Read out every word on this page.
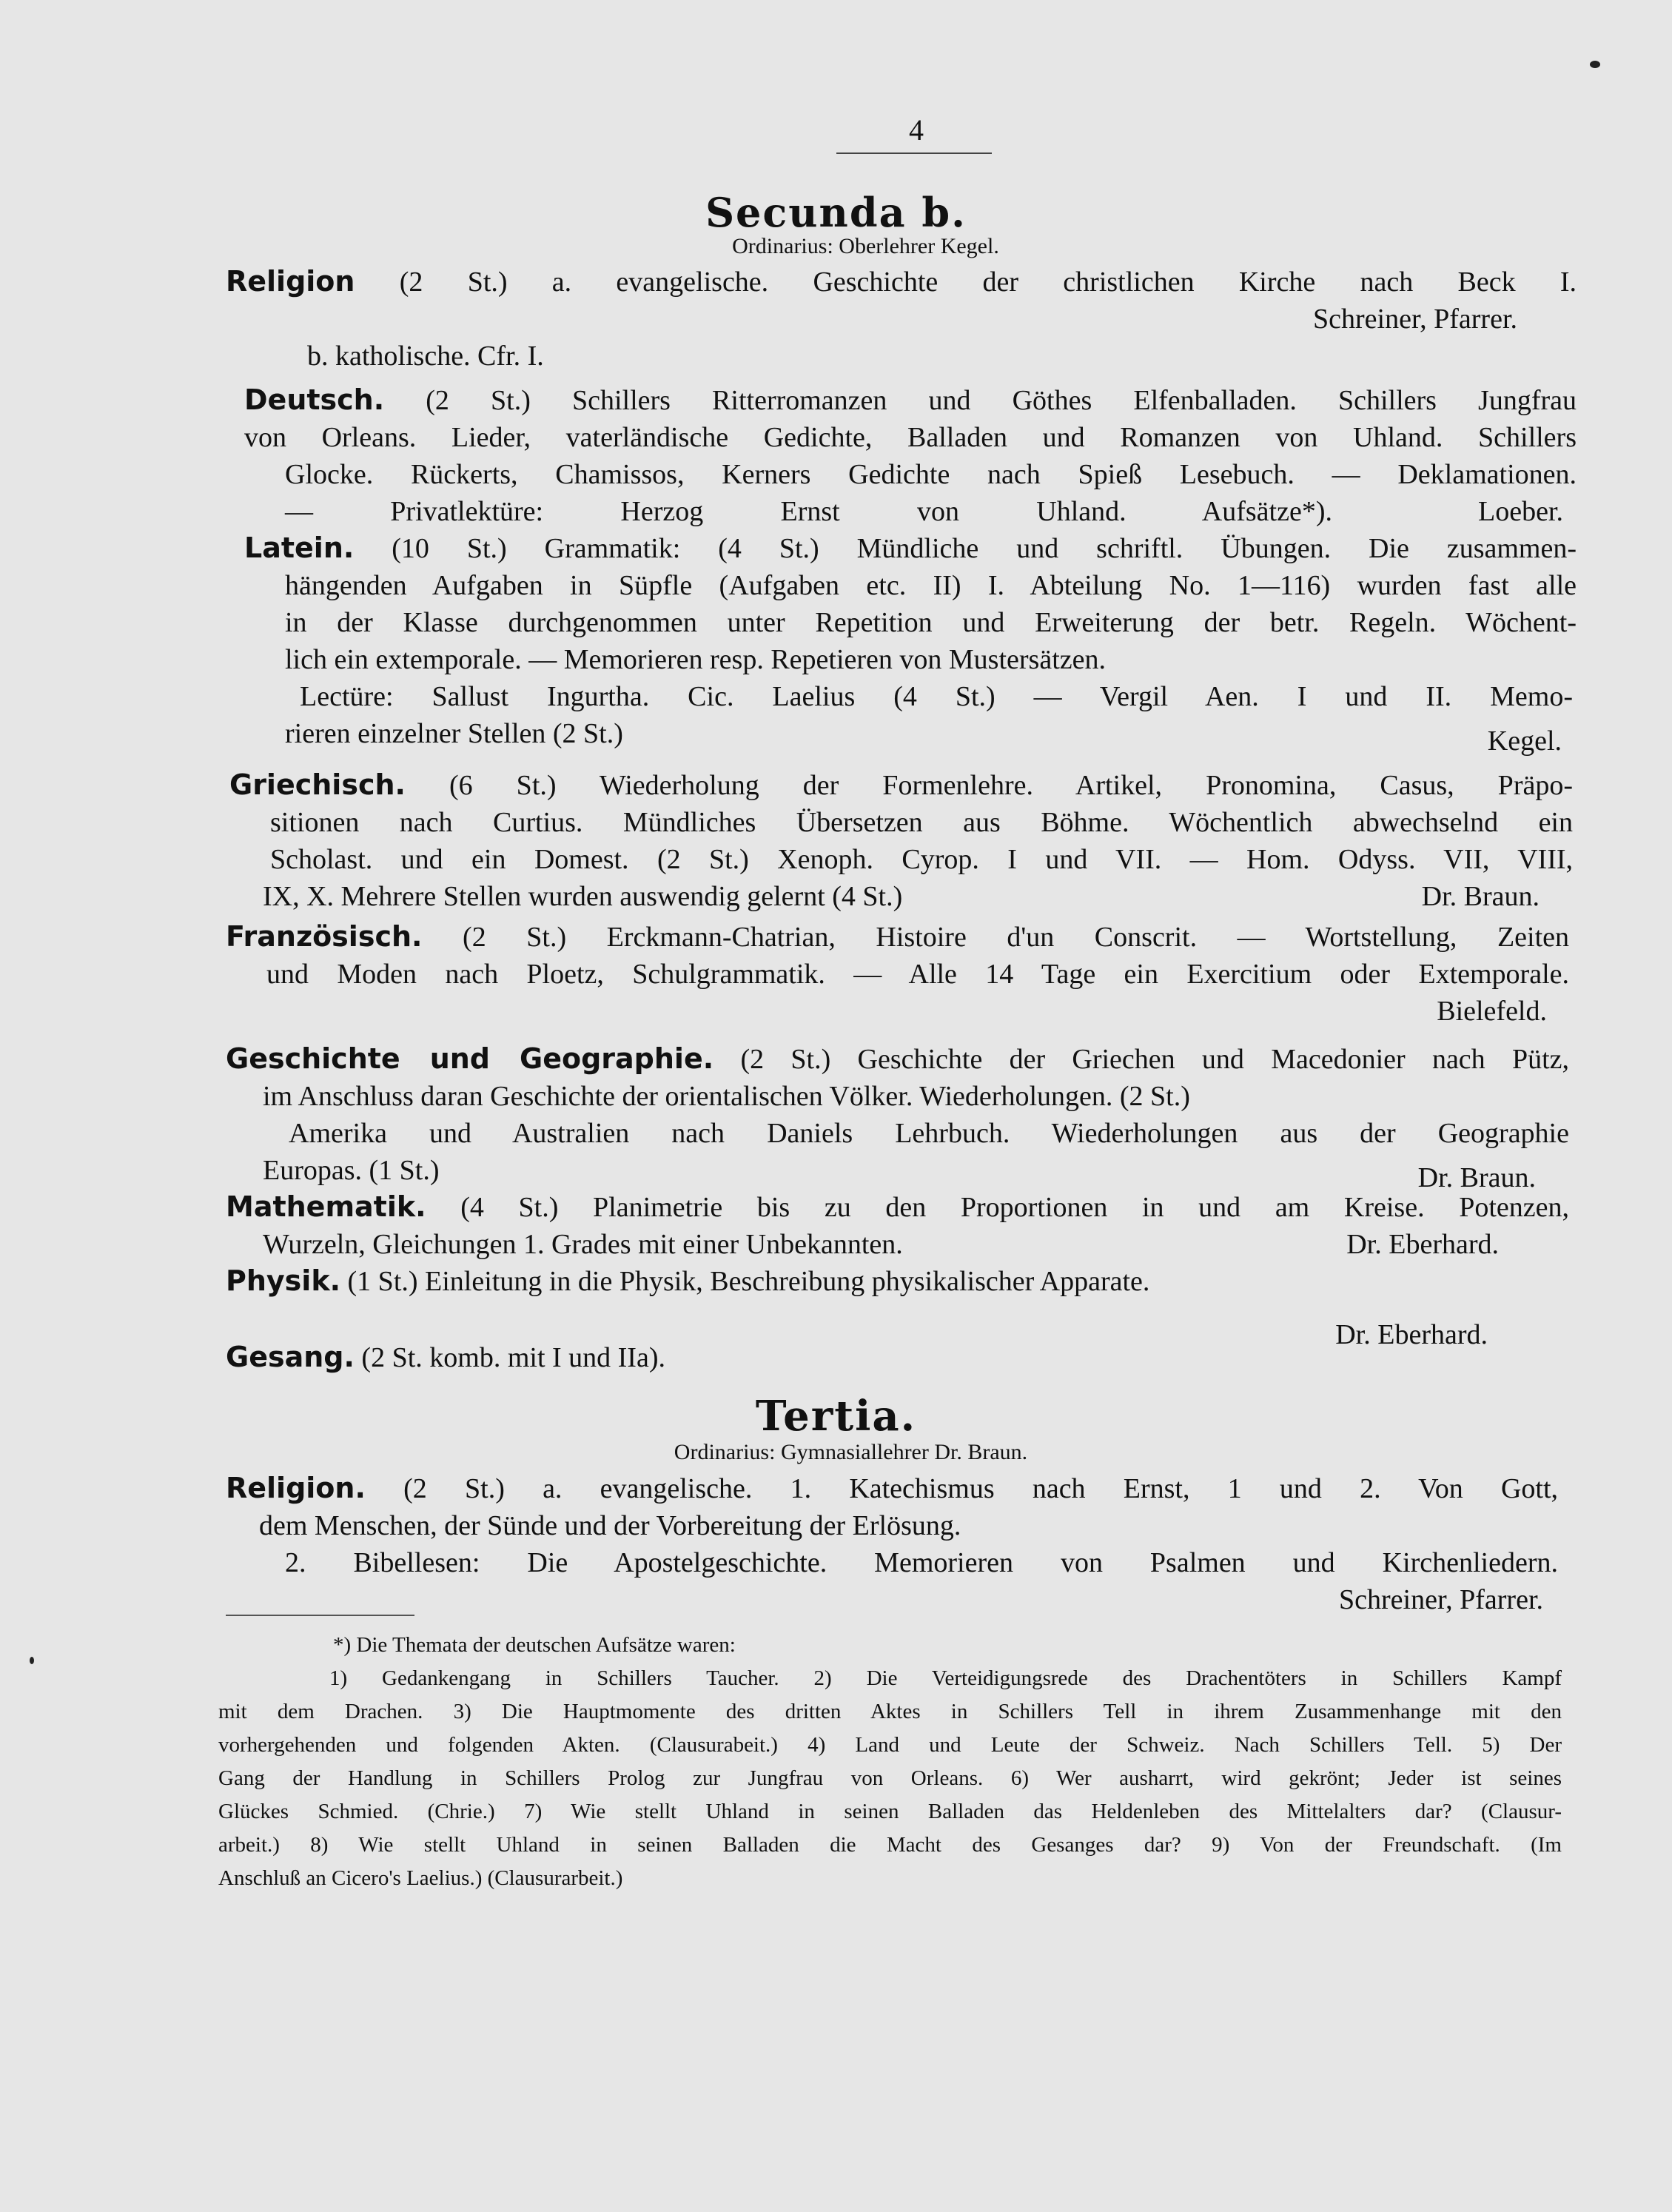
4
Secunda b.
Ordinarius: Oberlehrer Kegel.
Religion (2 St.) a. evangelische. Geschichte der christlichen Kirche nach Beck I.
Schreiner, Pfarrer.
b. katholische. Cfr. I.
Deutsch. (2 St.) Schillers Ritterromanzen und Göthes Elfenballaden. Schillers Jungfrau
von Orleans. Lieder, vaterländische Gedichte, Balladen und Romanzen von Uhland. Schillers
Glocke. Rückerts, Chamissos, Kerners Gedichte nach Spieß Lesebuch. — Deklamationen.
— Privatlektüre: Herzog Ernst von Uhland. Aufsätze*).	Loeber.
Latein. (10 St.) Grammatik: (4 St.) Mündliche und schriftl. Übungen. Die zusammen-
hängenden Aufgaben in Süpfle (Aufgaben etc. II) I. Abteilung No. 1—116) wurden fast alle
in der Klasse durchgenommen unter Repetition und Erweiterung der betr. Regeln. Wöchent-
lich ein extemporale. — Memorieren resp. Repetieren von Mustersätzen.
Lectüre: Sallust Ingurtha. Cic. Laelius (4 St.) — Vergil Aen. I und II. Memo-
rieren einzelner Stellen (2 St.)	Kegel.
Griechisch. (6 St.) Wiederholung der Formenlehre. Artikel, Pronomina, Casus, Präpo-
sitionen nach Curtius. Mündliches Übersetzen aus Böhme. Wöchentlich abwechselnd ein
Scholast. und ein Domest. (2 St.) Xenoph. Cyrop. I und VII. — Hom. Odyss. VII, VIII,
IX, X. Mehrere Stellen wurden auswendig gelernt (4 St.)	Dr. Braun.
Französisch. (2 St.) Erckmann-Chatrian, Histoire d'un Conscrit. — Wortstellung, Zeiten
und Moden nach Ploetz, Schulgrammatik. — Alle 14 Tage ein Exercitium oder Extemporale.
Bielefeld.
Geschichte und Geographie. (2 St.) Geschichte der Griechen und Macedonier nach Pütz,
im Anschluss daran Geschichte der orientalischen Völker. Wiederholungen. (2 St.)
Amerika und Australien nach Daniels Lehrbuch. Wiederholungen aus der Geographie
Europas. (1 St.)	Dr. Braun.
Mathematik. (4 St.) Planimetrie bis zu den Proportionen in und am Kreise. Potenzen,
Wurzeln, Gleichungen 1. Grades mit einer Unbekannten.	Dr. Eberhard.
Physik. (1 St.) Einleitung in die Physik, Beschreibung physikalischer Apparate.
Dr. Eberhard.
Gesang. (2 St. komb. mit I und IIa).
Tertia.
Ordinarius: Gymnasiallehrer Dr. Braun.
Religion. (2 St.) a. evangelische. 1. Katechismus nach Ernst, 1 und 2. Von Gott,
dem Menschen, der Sünde und der Vorbereitung der Erlösung.
2. Bibellesen: Die Apostelgeschichte. Memorieren von Psalmen und Kirchenliedern.
Schreiner, Pfarrer.
*) Die Themata der deutschen Aufsätze waren:
1) Gedankengang in Schillers Taucher. 2) Die Verteidigungsrede des Drachentöters in Schillers Kampf
mit dem Drachen. 3) Die Hauptmomente des dritten Aktes in Schillers Tell in ihrem Zusammenhange mit den
vorhergehenden und folgenden Akten. (Clausurabeit.) 4) Land und Leute der Schweiz. Nach Schillers Tell. 5) Der
Gang der Handlung in Schillers Prolog zur Jungfrau von Orleans. 6) Wer ausharrt, wird gekrönt; Jeder ist seines
Glückes Schmied. (Chrie.) 7) Wie stellt Uhland in seinen Balladen das Heldenleben des Mittelalters dar? (Clausur-
arbeit.) 8) Wie stellt Uhland in seinen Balladen die Macht des Gesanges dar? 9) Von der Freundschaft. (Im
Anschluß an Cicero's Laelius.) (Clausurarbeit.)
